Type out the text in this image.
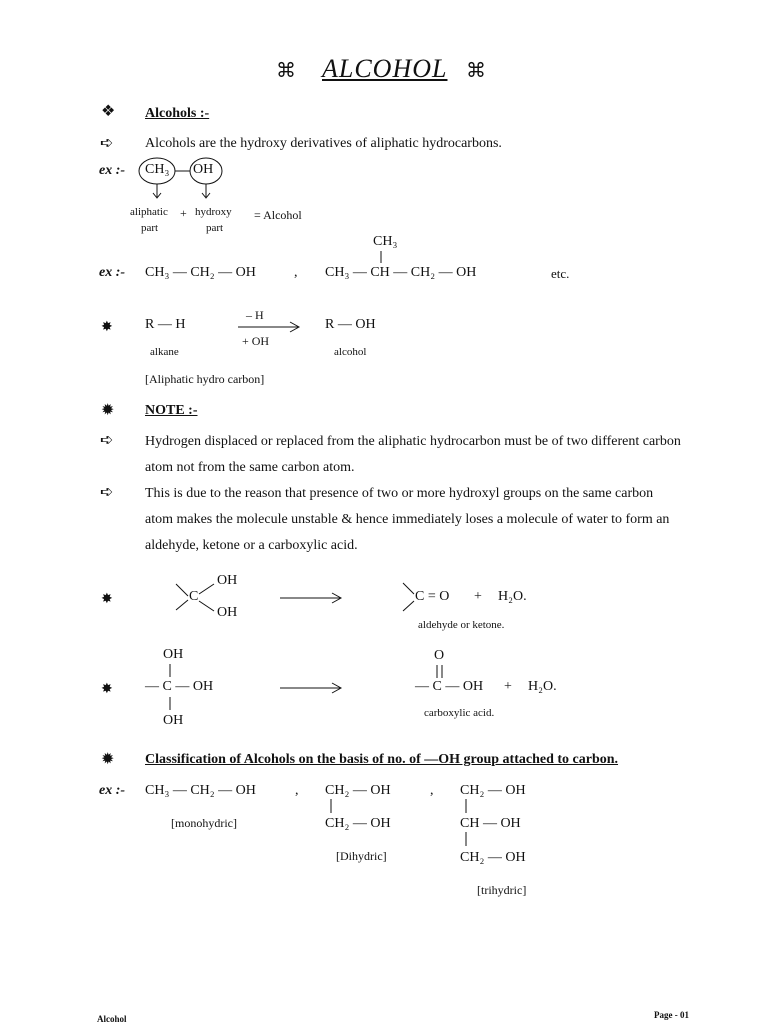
⌘ ALCOHOL ⌘
❖ Alcohols :-
➪ Alcohols are the hydroxy derivatives of aliphatic hydrocarbons.
ex :- CH₃ OH
aliphatic
part
+ hydroxy
part
= Alcohol
ex :- CH₃ — CH₂ — OH	,
CH₃
CH₃ — CH — CH₂ — OH	etc.
✸ R — H
– H
+ OH
R — OH
alkane	alcohol
[Aliphatic hydro carbon]
✹ NOTE :-
➪ Hydrogen displaced or replaced from the aliphatic hydrocarbon must be of two different carbon atom not from the same carbon atom.
➪ This is due to the reason that presence of two or more hydroxyl groups on the same carbon atom makes the molecule unstable & hence immediately loses a molecule of water to form an aldehyde, ketone or a carboxylic acid.
✸
OH
C
OH
C = O + H₂O.
aldehyde or ketone.
✸
OH
— C — OH
OH
O
— C — OH + H₂O.
carboxylic acid.
✹ Classification of Alcohols on the basis of no. of —OH group attached to carbon.
ex :- CH₃ — CH₂ — OH
[monohydric]
, CH₂ — OH
CH₂ — OH
[Dihydric]
, CH₂ — OH
CH — OH
CH₂ — OH
[trihydric]
Alcohol	Page - 01
